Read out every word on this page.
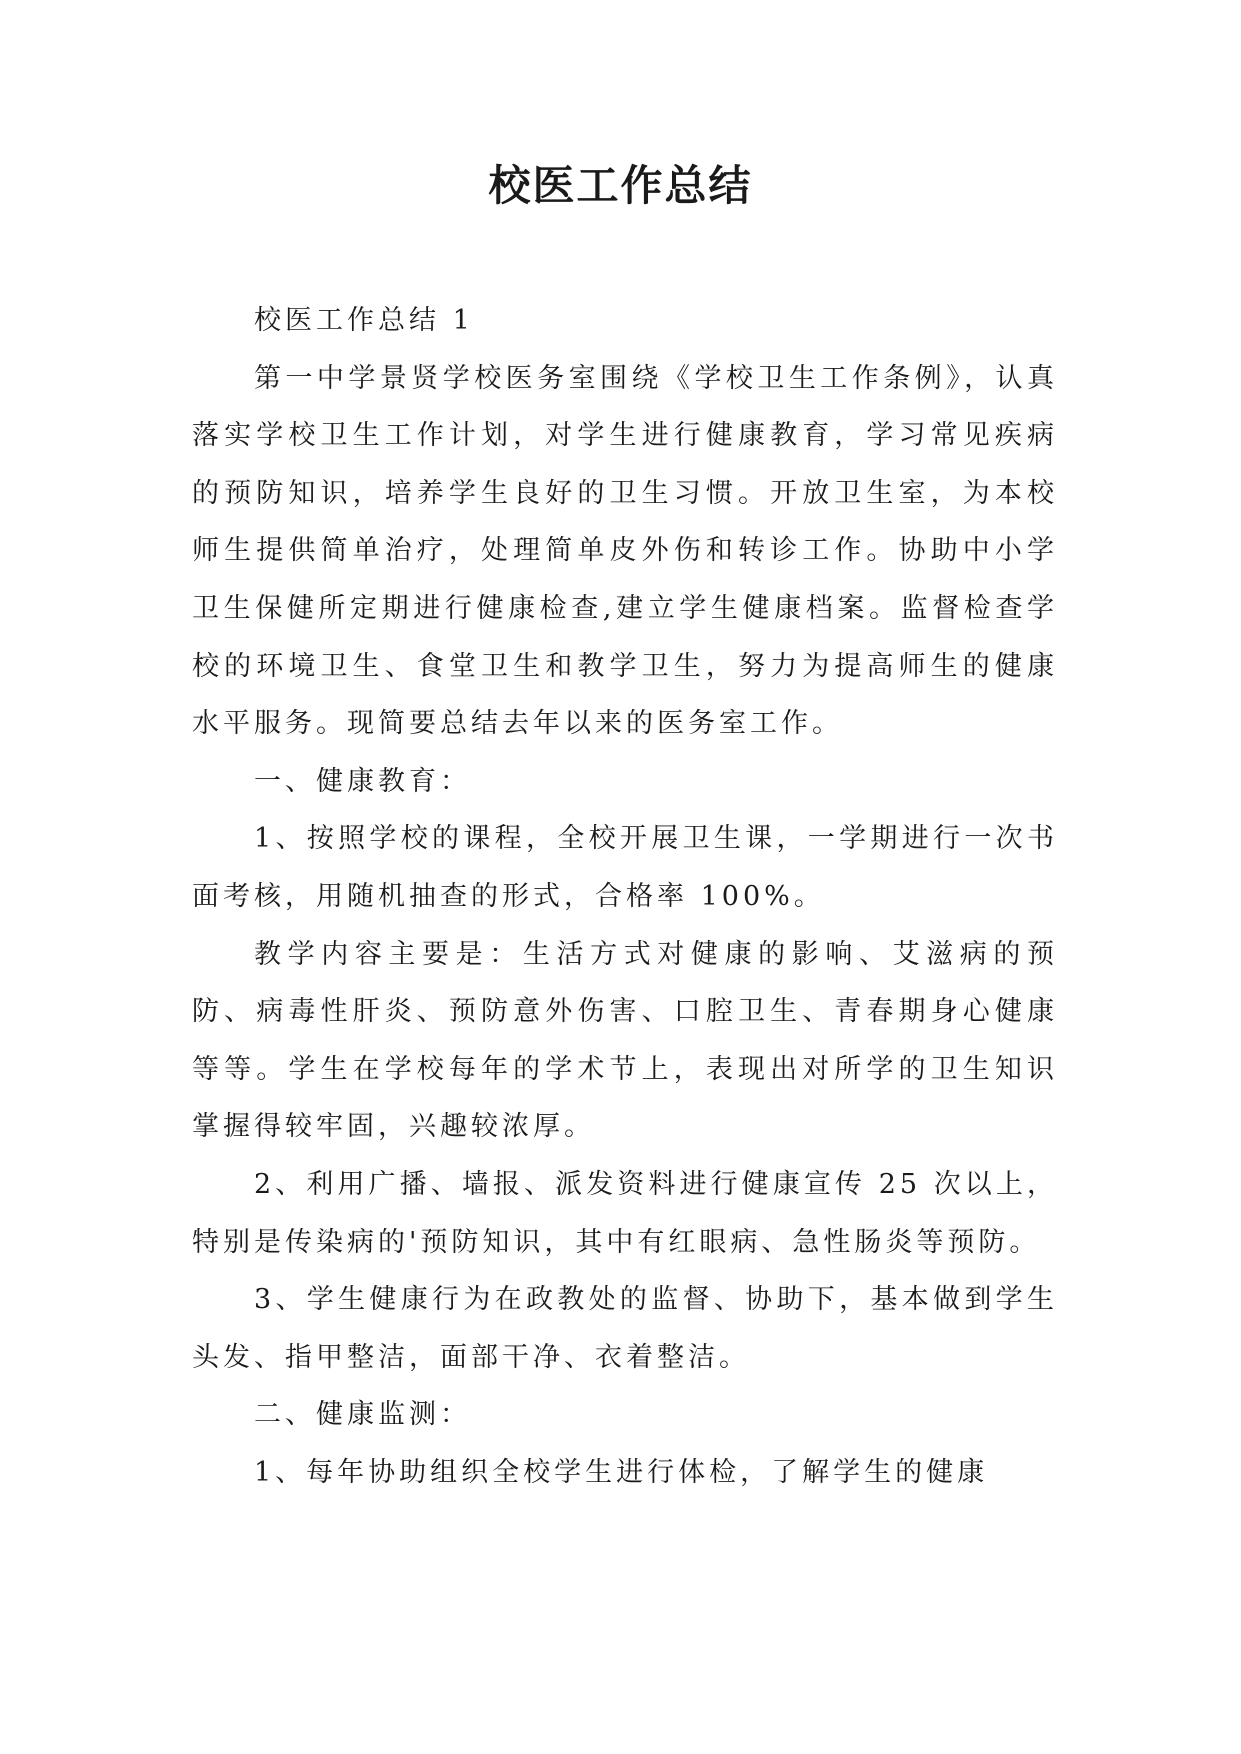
校医工作总结

校医工作总结 1

第一中学景贤学校医务室围绕《学校卫生工作条例》，认真落实学校卫生工作计划，对学生进行健康教育，学习常见疾病的预防知识，培养学生良好的卫生习惯。开放卫生室，为本校师生提供简单治疗，处理简单皮外伤和转诊工作。协助中小学卫生保健所定期进行健康检查,建立学生健康档案。监督检查学校的环境卫生、食堂卫生和教学卫生，努力为提高师生的健康水平服务。现简要总结去年以来的医务室工作。

一、健康教育：

1、按照学校的课程，全校开展卫生课，一学期进行一次书面考核，用随机抽查的形式，合格率 100%。

教学内容主要是：生活方式对健康的影响、艾滋病的预防、病毒性肝炎、预防意外伤害、口腔卫生、青春期身心健康等等。学生在学校每年的学术节上，表现出对所学的卫生知识掌握得较牢固，兴趣较浓厚。

2、利用广播、墙报、派发资料进行健康宣传 25 次以上，特别是传染病的'预防知识，其中有红眼病、急性肠炎等预防。

3、学生健康行为在政教处的监督、协助下，基本做到学生头发、指甲整洁，面部干净、衣着整洁。

二、健康监测：

1、每年协助组织全校学生进行体检，了解学生的健康
